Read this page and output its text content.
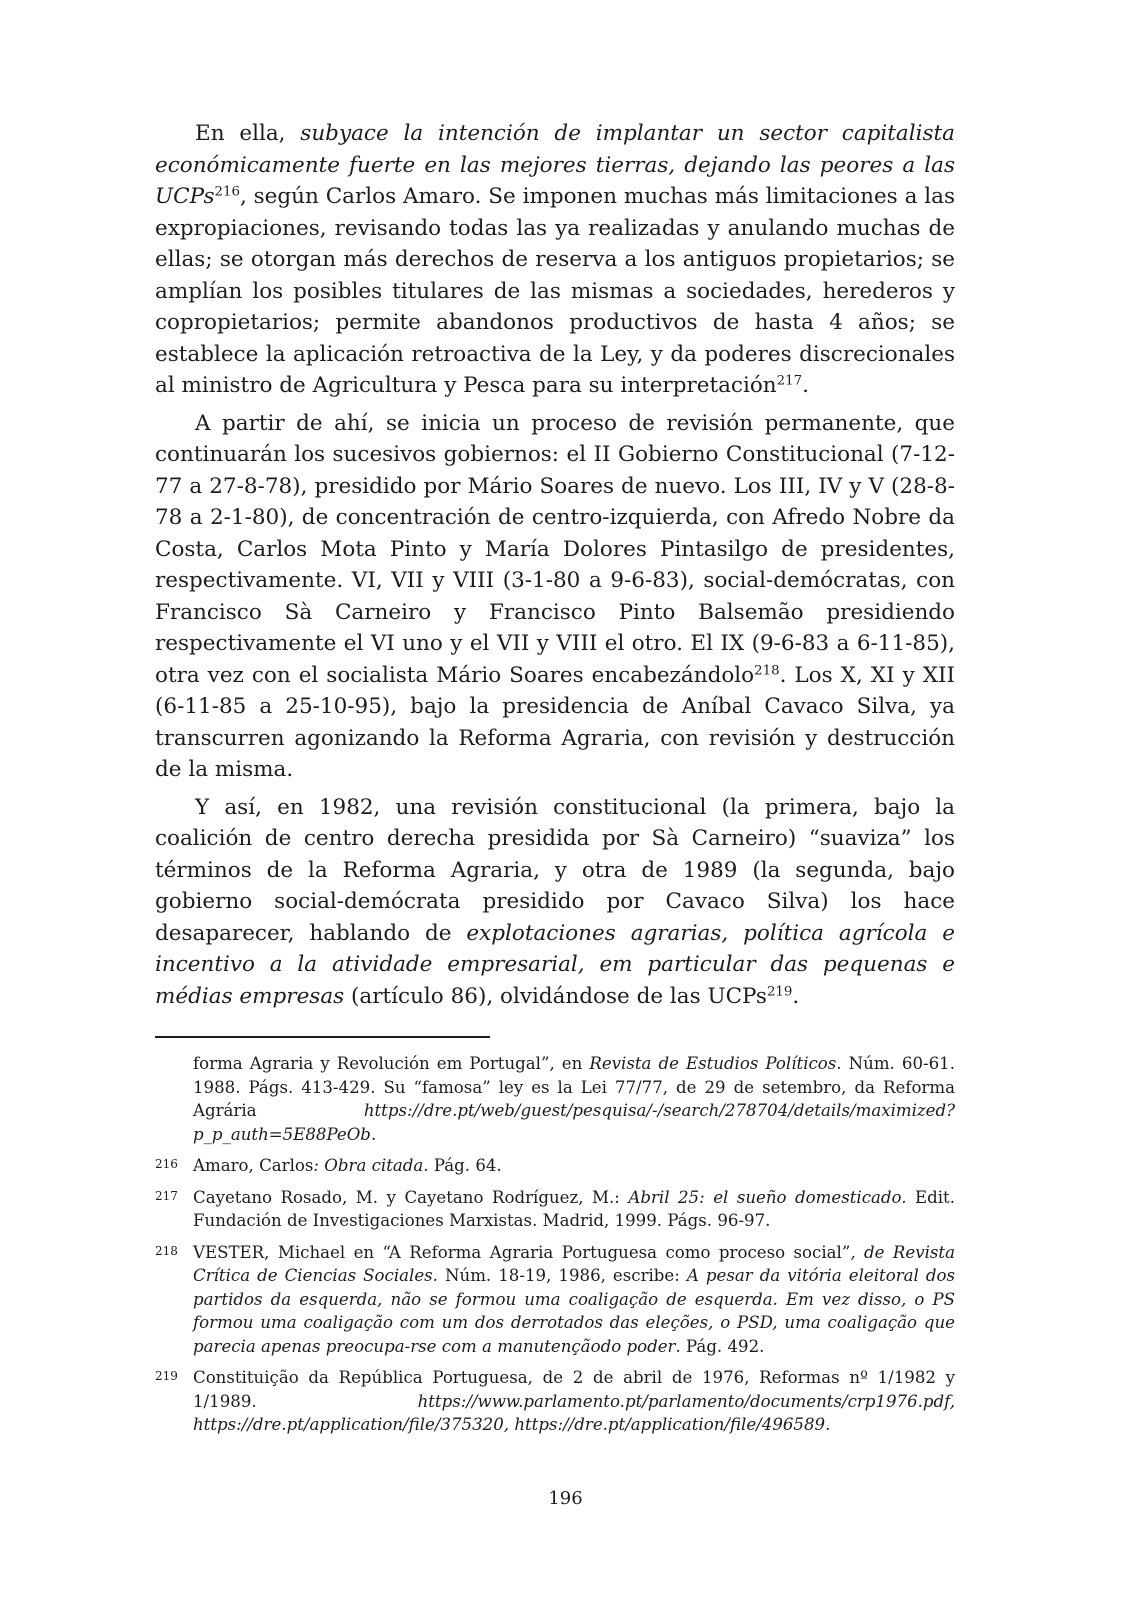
En ella, subyace la intención de implantar un sector capitalista económicamente fuerte en las mejores tierras, dejando las peores a las UCPs$^{216}$, según Carlos Amaro. Se imponen muchas más limitaciones a las expropiaciones, revisando todas las ya realizadas y anulando muchas de ellas; se otorgan más derechos de reserva a los antiguos propietarios; se amplían los posibles titulares de las mismas a sociedades, herederos y copropietarios; permite abandonos productivos de hasta 4 años; se establece la aplicación retroactiva de la Ley, y da poderes discrecionales al ministro de Agricultura y Pesca para su interpretación$^{217}$.

A partir de ahí, se inicia un proceso de revisión permanente, que continuarán los sucesivos gobiernos: el II Gobierno Constitucional (7-12-77 a 27-8-78), presidido por Mário Soares de nuevo. Los III, IV y V (28-8-78 a 2-1-80), de concentración de centro-izquierda, con Afredo Nobre da Costa, Carlos Mota Pinto y María Dolores Pintasilgo de presidentes, respectivamente. VI, VII y VIII (3-1-80 a 9-6-83), social-demócratas, con Francisco Sà Carneiro y Francisco Pinto Balsemão presidiendo respectivamente el VI uno y el VII y VIII el otro. El IX (9-6-83 a 6-11-85), otra vez con el socialista Mário Soares encabezándolo$^{218}$. Los X, XI y XII (6-11-85 a 25-10-95), bajo la presidencia de Aníbal Cavaco Silva, ya transcurren agonizando la Reforma Agraria, con revisión y destrucción de la misma.

Y así, en 1982, una revisión constitucional (la primera, bajo la coalición de centro derecha presidida por Sà Carneiro) “suaviza” los términos de la Reforma Agraria, y otra de 1989 (la segunda, bajo gobierno social-demócrata presidido por Cavaco Silva) los hace desaparecer, hablando de explotaciones agrarias, política agrícola e incentivo a la atividade empresarial, em particular das pequenas e médias empresas (artículo 86), olvidándose de las UCPs$^{219}$.

forma Agraria y Revolución em Portugal”, en Revista de Estudios Políticos. Núm. 60-61. 1988. Págs. 413-429. Su “famosa” ley es la Lei 77/77, de 29 de setembro, da Reforma Agrária https://dre.pt/web/guest/pesquisa/-/search/278704/details/maximized?p_p_auth=5E88PeOb.
216 Amaro, Carlos: Obra citada. Pág. 64.
217 Cayetano Rosado, M. y Cayetano Rodríguez, M.: Abril 25: el sueño domesticado. Edit. Fundación de Investigaciones Marxistas. Madrid, 1999. Págs. 96-97.
218 VESTER, Michael en “A Reforma Agraria Portuguesa como proceso social”, de Revista Crítica de Ciencias Sociales. Núm. 18-19, 1986, escribe: A pesar da vitória eleitoral dos partidos da esquerda, não se formou uma coaligação de esquerda. Em vez disso, o PS formou uma coaligação com um dos derrotados das eleções, o PSD, uma coaligação que parecia apenas preocupa-rse com a manutençãodo poder. Pág. 492.
219 Constituição da República Portuguesa, de 2 de abril de 1976, Reformas nº 1/1982 y 1/1989. https://www.parlamento.pt/parlamento/documents/crp1976.pdf, https://dre.pt/application/file/375320, https://dre.pt/application/file/496589.
196
